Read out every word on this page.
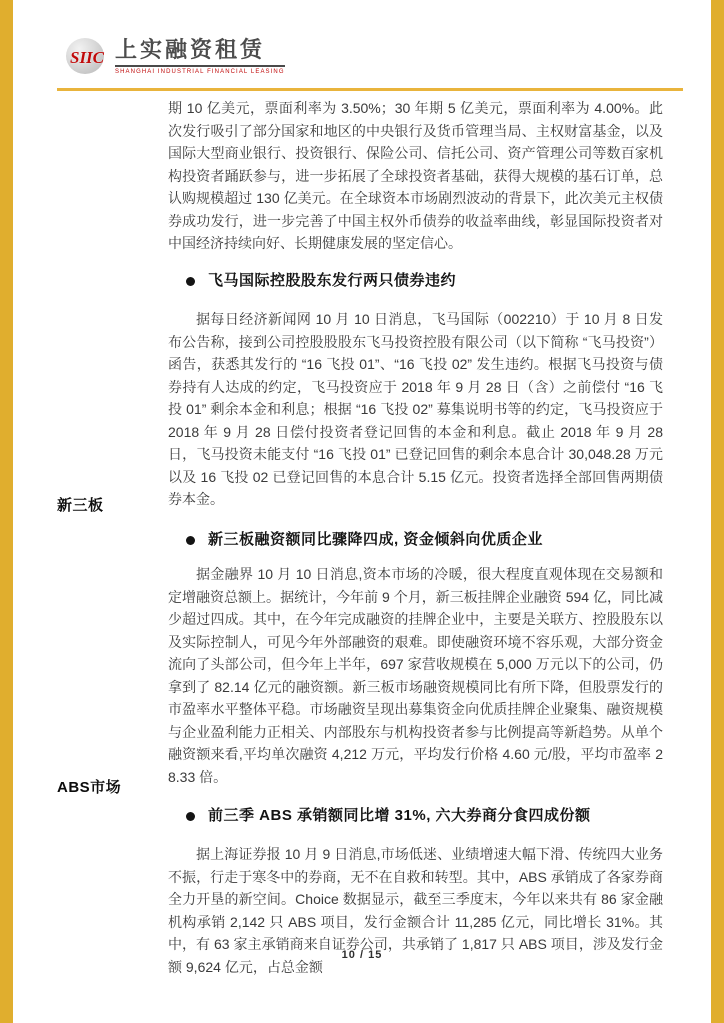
SIIC 上实融资租赁
SHANGHAI INDUSTRIAL FINANCIAL LEASING

期 10 亿美元，票面利率为 3.50%；30 年期 5 亿美元，票面利率为 4.00%。此次发行吸引了部分国家和地区的中央银行及货币管理当局、主权财富基金，以及国际大型商业银行、投资银行、保险公司、信托公司、资产管理公司等数百家机构投资者踊跃参与，进一步拓展了全球投资者基础，获得大规模的基石订单，总认购规模超过 130 亿美元。在全球资本市场剧烈波动的背景下，此次美元主权债券成功发行，进一步完善了中国主权外币债券的收益率曲线，彰显国际投资者对中国经济持续向好、长期健康发展的坚定信心。

飞马国际控股股东发行两只债券违约

据每日经济新闻网 10 月 10 日消息，飞马国际（002210）于 10 月 8 日发布公告称，接到公司控股股股东飞马投资控股有限公司（以下简称 “飞马投资”）函告，获悉其发行的 “16 飞投 01”、“16 飞投 02” 发生违约。根据飞马投资与债券持有人达成的约定，飞马投资应于 2018 年 9 月 28 日（含）之前偿付 “16 飞投 01” 剩余本金和利息；根据 “16 飞投 02” 募集说明书等的约定，飞马投资应于 2018 年 9 月 28 日偿付投资者登记回售的本金和利息。截止 2018 年 9 月 28 日，飞马投资未能支付 “16 飞投 01” 已登记回售的剩余本息合计 30,048.28 万元以及 16 飞投 02 已登记回售的本息合计 5.15 亿元。投资者选择全部回售两期债券本金。

新三板
新三板融资额同比骤降四成, 资金倾斜向优质企业

据金融界 10 月 10 日消息,资本市场的冷暖，很大程度直观体现在交易额和定增融资总额上。据统计，今年前 9 个月，新三板挂牌企业融资 594 亿，同比减少超过四成。其中，在今年完成融资的挂牌企业中，主要是关联方、控股股东以及实际控制人，可见今年外部融资的艰难。即使融资环境不容乐观，大部分资金流向了头部公司，但今年上半年，697 家营收规模在 5,000 万元以下的公司，仍拿到了 82.14 亿元的融资额。新三板市场融资规模同比有所下降，但股票发行的市盈率水平整体平稳。市场融资呈现出募集资金向优质挂牌企业聚集、融资规模与企业盈利能力正相关、内部股东与机构投资者参与比例提高等新趋势。从单个融资额来看,平均单次融资 4,212 万元，平均发行价格 4.60 元/股，平均市盈率 28.33 倍。

ABS市场
前三季 ABS 承销额同比增 31%, 六大券商分食四成份额

据上海证券报 10 月 9 日消息,市场低迷、业绩增速大幅下滑、传统四大业务不振，行走于寒冬中的券商，无不在自救和转型。其中，ABS 承销成了各家券商全力开垦的新空间。Choice 数据显示，截至三季度末，今年以来共有 86 家金融机构承销 2,142 只 ABS 项目，发行金额合计 11,285 亿元，同比增长 31%。其中，有 63 家主承销商来自证券公司，共承销了 1,817 只 ABS 项目，涉及发行金额 9,624 亿元，占总金额

10 / 15
